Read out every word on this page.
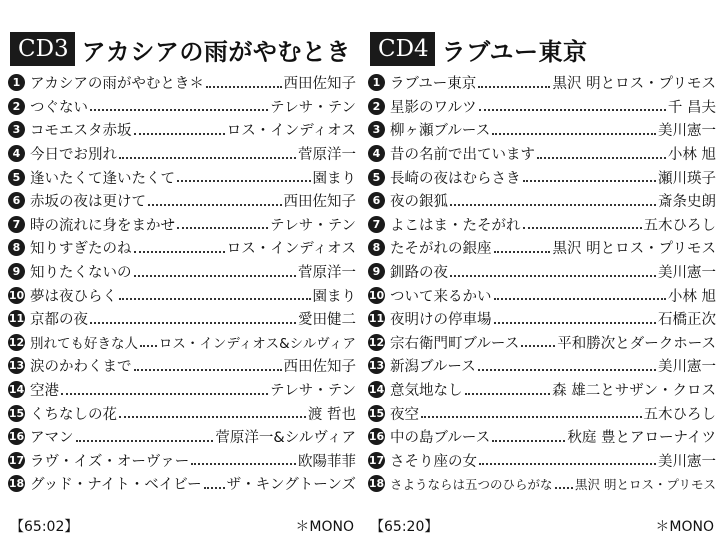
CD3 アカシアの雨がやむとき
1 アカシアの雨がやむとき＊	西田佐知子
2 つぐない	テレサ・テン
3 コモエスタ赤坂	ロス・インディオス
4 今日でお別れ	菅原洋一
5 逢いたくて逢いたくて	園まり
6 赤坂の夜は更けて	西田佐知子
7 時の流れに身をまかせ	テレサ・テン
8 知りすぎたのね	ロス・インディオス
9 知りたくないの	菅原洋一
10 夢は夜ひらく	園まり
11 京都の夜	愛田健二
12 別れても好きな人 ロス・インディオス&シルヴィア
13 涙のかわくまで	西田佐知子
14 空港	テレサ・テン
15 くちなしの花	渡 哲也
16 アマン	菅原洋一&シルヴィア
17 ラヴ・イズ・オーヴァー	欧陽菲菲
18 グッド・ナイト・ベイビー ザ・キングトーンズ
【65:02】	＊MONO
CD4 ラブユー東京
1 ラブユー東京	黒沢 明とロス・プリモス
2 星影のワルツ	千 昌夫
3 柳ヶ瀬ブルース	美川憲一
4 昔の名前で出ています	小林 旭
5 長崎の夜はむらさき	瀬川瑛子
6 夜の銀狐	斎条史朗
7 よこはま・たそがれ	五木ひろし
8 たそがれの銀座	黒沢 明とロス・プリモス
9 釧路の夜	美川憲一
10 ついて来るかい	小林 旭
11 夜明けの停車場	石橋正次
12 宗右衛門町ブルース	平和勝次とダークホース
13 新潟ブルース	美川憲一
14 意気地なし	森 雄二とサザン・クロス
15 夜空	五木ひろし
16 中の島ブルース	秋庭 豊とアローナイツ
17 さそり座の女	美川憲一
18 さようならは五つのひらがな 黒沢 明とロス・プリモス
【65:20】	＊MONO
